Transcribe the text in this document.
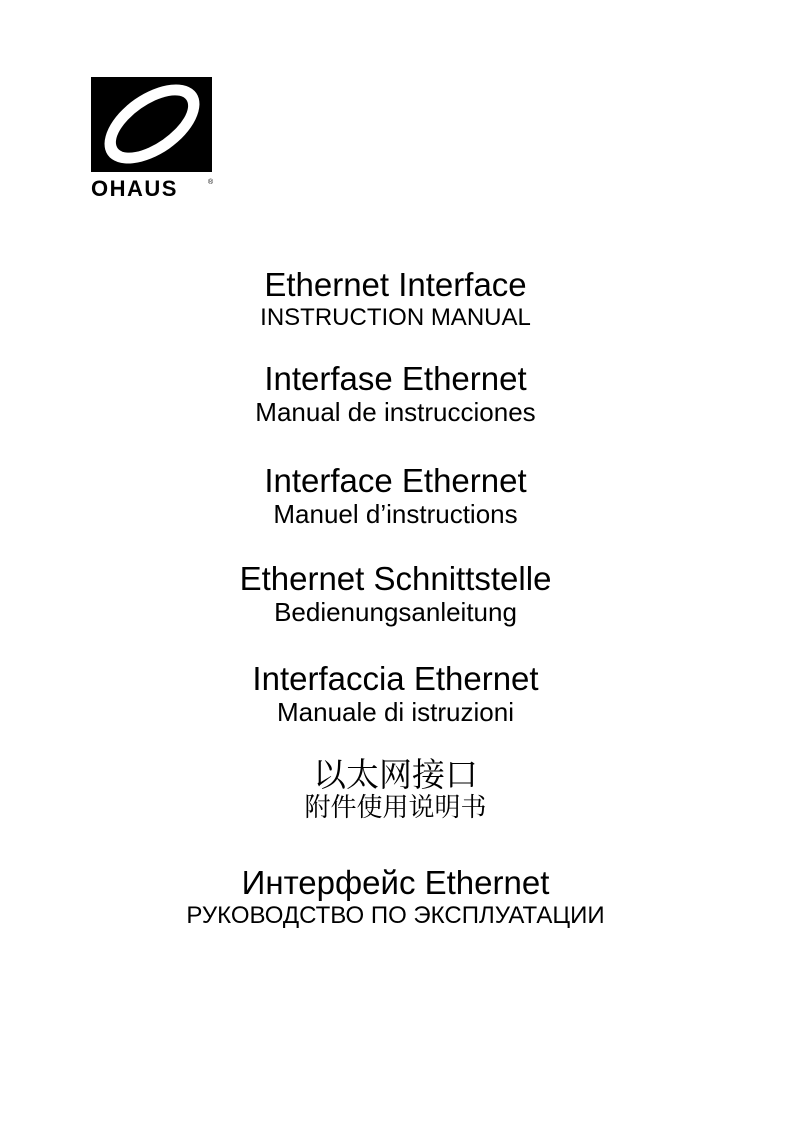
OHAUS	®
Ethernet Interface
INSTRUCTION MANUAL
Interfase Ethernet
Manual de instrucciones
Interface Ethernet
Manuel d’instructions
Ethernet Schnittstelle
Bedienungsanleitung
Interfaccia Ethernet
Manuale di istruzioni
以太网接口
附件使用说明书
Интерфейс Ethernet
РУКОВОДСТВО ПО ЭКСПЛУАТАЦИИ
